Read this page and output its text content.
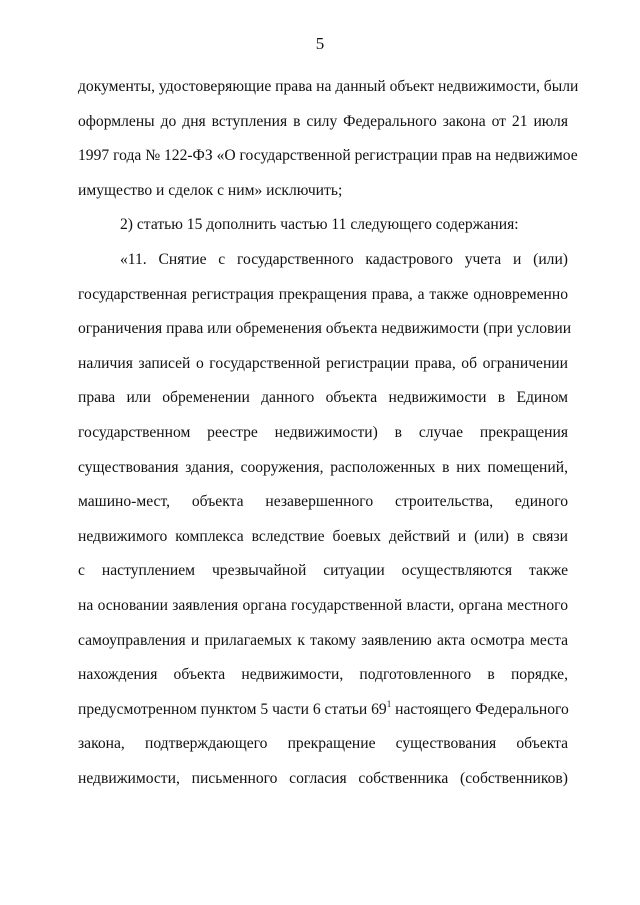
5
документы, удостоверяющие права на данный объект недвижимости, были
оформлены до дня вступления в силу Федерального закона от 21 июля
1997 года № 122-ФЗ «О государственной регистрации прав на недвижимое
имущество и сделок с ним» исключить;
2) статью 15 дополнить частью 11 следующего содержания:
«11. Снятие с государственного кадастрового учета и (или)
государственная регистрация прекращения права, а также одновременно
ограничения права или обременения объекта недвижимости (при условии
наличия записей о государственной регистрации права, об ограничении
права или обременении данного объекта недвижимости в Едином
государственном реестре недвижимости) в случае прекращения
существования здания, сооружения, расположенных в них помещений,
машино-мест, объекта незавершенного строительства, единого
недвижимого комплекса вследствие боевых действий и (или) в связи
с наступлением чрезвычайной ситуации осуществляются также
на основании заявления органа государственной власти, органа местного
самоуправления и прилагаемых к такому заявлению акта осмотра места
нахождения объекта недвижимости, подготовленного в порядке,
предусмотренном пунктом 5 части 6 статьи $69^1$ настоящего Федерального
закона, подтверждающего прекращение существования объекта
недвижимости, письменного согласия собственника (собственников)
